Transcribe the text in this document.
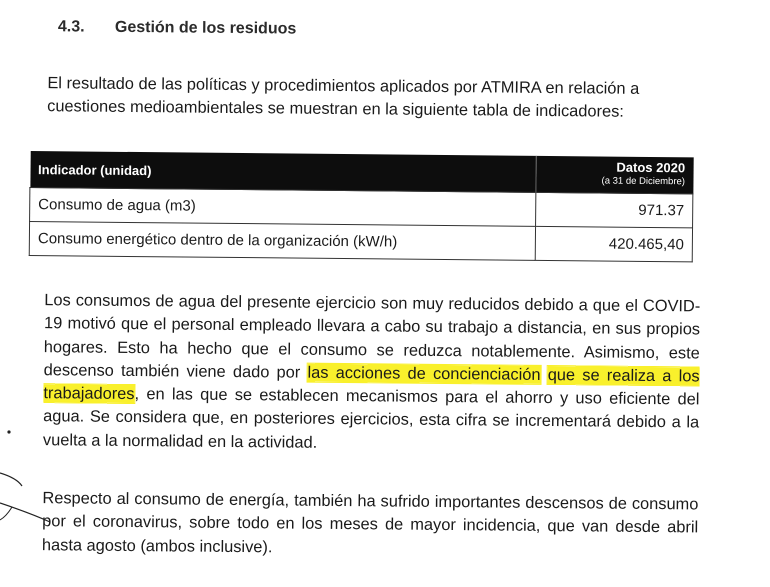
4.3. Gestión de los residuos

El resultado de las políticas y procedimientos aplicados por ATMIRA en relación a cuestiones medioambientales se muestran en la siguiente tabla de indicadores:

Indicador (unidad)	Datos 2020
(a 31 de Diciembre)

Consumo de agua (m3)	971.37
Consumo energético dentro de la organización (kW/h)	420.465,40

Los consumos de agua del presente ejercicio son muy reducidos debido a que el COVID-19 motivó que el personal empleado llevara a cabo su trabajo a distancia, en sus propios hogares. Esto ha hecho que el consumo se reduzca notablemente. Asimismo, este descenso también viene dado por las acciones de concienciación que se realiza a los trabajadores, en las que se establecen mecanismos para el ahorro y uso eficiente del agua. Se considera que, en posteriores ejercicios, esta cifra se incrementará debido a la vuelta a la normalidad en la actividad.

Respecto al consumo de energía, también ha sufrido importantes descensos de consumo por el coronavirus, sobre todo en los meses de mayor incidencia, que van desde abril hasta agosto (ambos inclusive).
